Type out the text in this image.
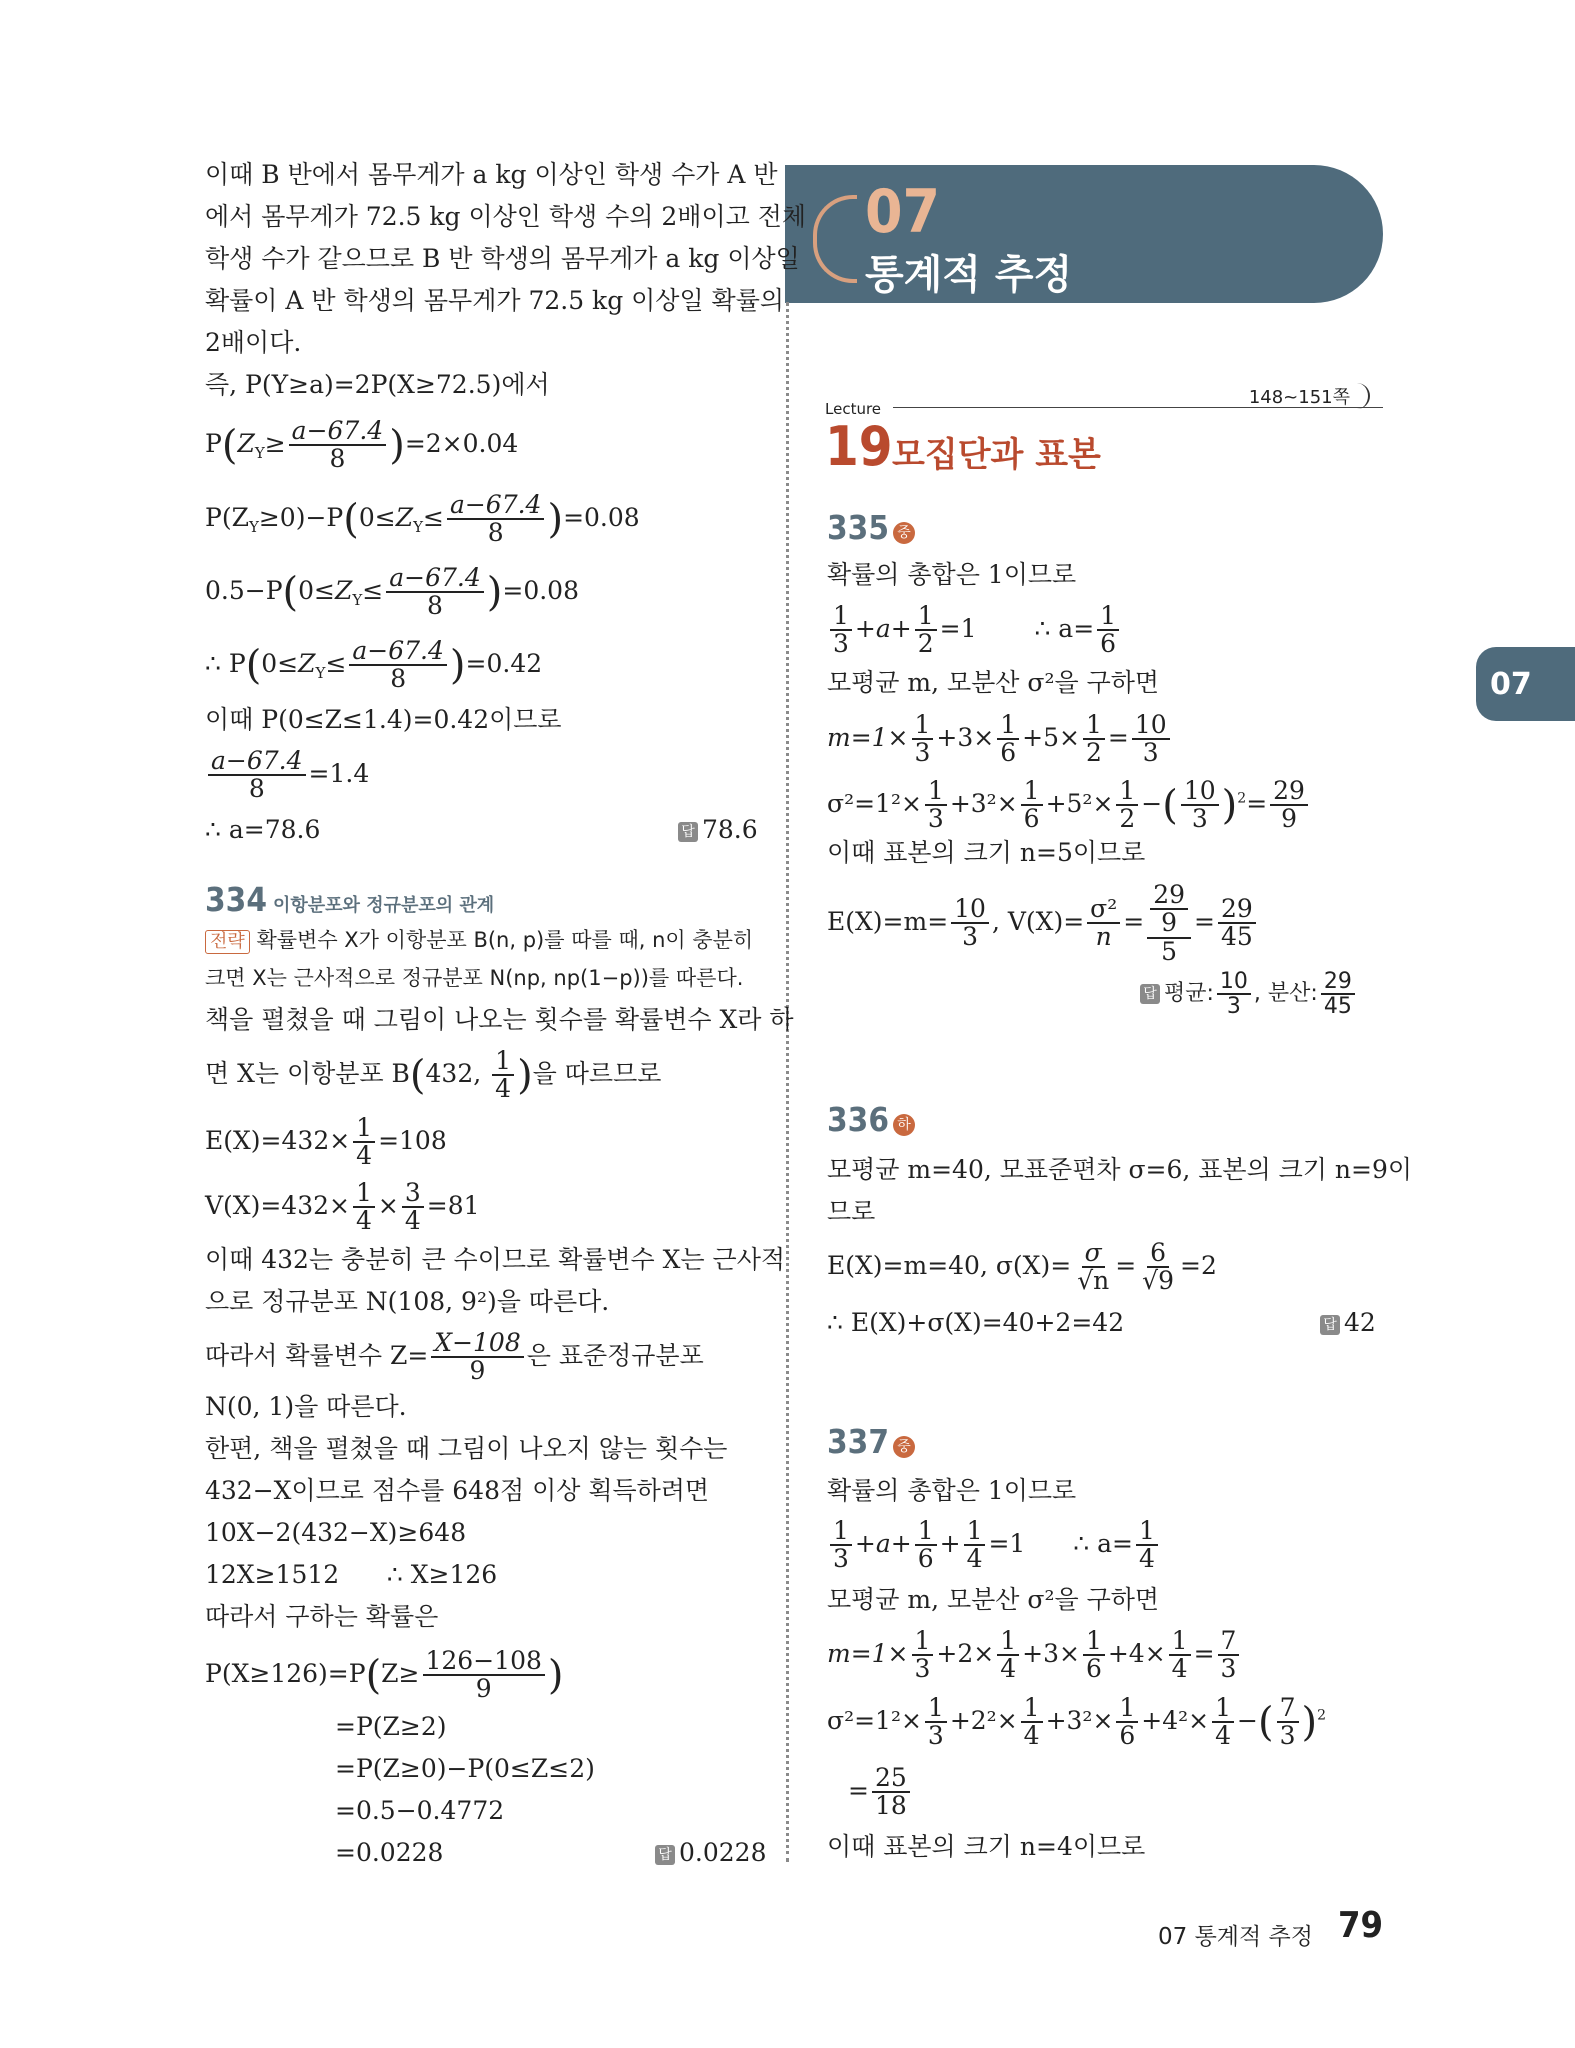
07
통계적 추정
07
이때 B 반에서 몸무게가 a kg 이상인 학생 수가 A 반
에서 몸무게가 72.5 kg 이상인 학생 수의 2배이고 전체
학생 수가 같으므로 B 반 학생의 몸무게가 a kg 이상일
확률이 A 반 학생의 몸무게가 72.5 kg 이상일 확률의
2배이다.
즉, P(Y≥a)=2P(X≥72.5)에서
$P(Z_Y\ge \frac{a-67.4}{8} )=2\times 0.04$
$P(Z_Y\ge 0)-P(0\le Z_Y\le \frac{a-67.4}{8} )=0.08$
$0.5-P(0\le Z_Y\le \frac{a-67.4}{8} )=0.08$
∴ $P(0\le Z_Y\le \frac{a-67.4}{8} )=0.42$
이때 P(0≤Z≤1.4)=0.42이므로
$\frac{a-67.4}{8} =1.4$
∴ a=78.6	답 78.6
334 이항분포와 정규분포의 관계
전략 확률변수 X가 이항분포 B(n, p)를 따를 때, n이 충분히
크면 X는 근사적으로 정규분포 N(np, np(1−p))를 따른다.
책을 펼쳤을 때 그림이 나오는 횟수를 확률변수 X라 하
면 X는 이항분포 B(432, $\frac{1}{4}$ )을 따르므로
$E(X)=432\times \frac{1}{4} =108$
$V(X)=432\times \frac{1}{4} \times \frac{3}{4} =81$
이때 432는 충분히 큰 수이므로 확률변수 X는 근사적
으로 정규분포 N(108, 9²)을 따른다.
따라서 확률변수 $Z= \frac{X-108}{9}$ 은 표준정규분포
N(0, 1)을 따른다.
한편, 책을 펼쳤을 때 그림이 나오지 않는 횟수는
432−X이므로 점수를 648점 이상 획득하려면
10X−2(432−X)≥648
12X≥1512      ∴ X≥126
따라서 구하는 확률은
$P(X\ge 126)=P(Z\ge \frac{126-108}{9}$ )
=P(Z≥2)
=P(Z≥0)−P(0≤Z≤2)
=0.5−0.4772
=0.0228	답 0.0228
148~151쪽
Lecture
19 모집단과 표본
335 중
확률의 총합은 1이므로
$\frac{1}{3} +a+ \frac{1}{2} =1$ ∴ $a= \frac{1}{6}$
모평균 m, 모분산 σ²을 구하면
$m=1\times \frac{1}{3} +3\times \frac{1}{6} +5\times \frac{1}{2} = \frac{10}{3}$
$\sigma^2=1^2\times \frac{1}{3} +3^2\times \frac{1}{6} +5^2\times \frac{1}{2}$ −( $\frac{10}{3} )^2= \frac{29}{9}$
이때 표본의 크기 n=5이므로
$E(X)=m= \frac{10}{3}$ , $V(X)= \frac{\text{σ²}}{n} = \frac{\frac{29}{9}}{5} = \frac{29}{45}$
답 평균: $\frac{10}{3}$ , 분산: $\frac{29}{45}$
336 하
모평균 m=40, 모표준편차 σ=6, 표본의 크기 n=9이
므로
E(X)=m=40, $\sigma(X)= \frac{\sigma}{√n} = \frac{6}{√9} =2$
∴ E(X)+σ(X)=40+2=42	답 42
337 중
확률의 총합은 1이므로
$\frac{1}{3} +a+ \frac{1}{6} + \frac{1}{4} =1$ ∴ $a= \frac{1}{4}$
모평균 m, 모분산 σ²을 구하면
$m=1\times \frac{1}{3} +2\times \frac{1}{4} +3\times \frac{1}{6} +4\times \frac{1}{4} = \frac{7}{3}$
$\sigma^2=1^2\times \frac{1}{3} +2^2\times \frac{1}{4} +3^2\times \frac{1}{6} +4^2\times \frac{1}{4}$ −( $\frac{7}{3} )^2$
= $\frac{25}{18}$
이때 표본의 크기 n=4이므로
07 통계적 추정 79
